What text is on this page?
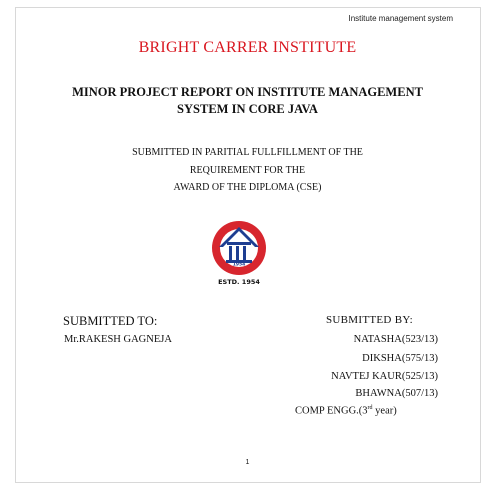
Institute management system
BRIGHT CARRER INSTITUTE
MINOR PROJECT REPORT ON INSTITUTE MANAGEMENT
SYSTEM IN CORE JAVA
SUBMITTED IN PARITIAL FULLFILLMENT OF THE
REQUIREMENT FOR THE
AWARD OF THE DIPLOMA (CSE)
1954
ESTD. 1954
SUBMITTED TO:
Mr.RAKESH GAGNEJA
SUBMITTED BY:
NATASHA(523/13)
DIKSHA(575/13)
NAVTEJ KAUR(525/13)
BHAWNA(507/13)
COMP ENGG.(3rd year)
1
